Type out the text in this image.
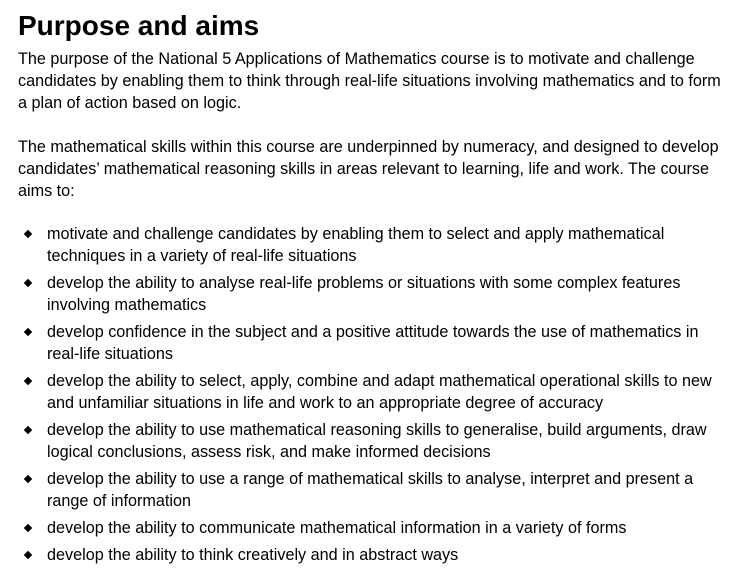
Purpose and aims

The purpose of the National 5 Applications of Mathematics course is to motivate and challenge candidates by enabling them to think through real-life situations involving mathematics and to form a plan of action based on logic.

The mathematical skills within this course are underpinned by numeracy, and designed to develop candidates’ mathematical reasoning skills in areas relevant to learning, life and work. The course aims to:

motivate and challenge candidates by enabling them to select and apply mathematical techniques in a variety of real-life situations
develop the ability to analyse real-life problems or situations with some complex features involving mathematics
develop confidence in the subject and a positive attitude towards the use of mathematics in real-life situations
develop the ability to select, apply, combine and adapt mathematical operational skills to new and unfamiliar situations in life and work to an appropriate degree of accuracy
develop the ability to use mathematical reasoning skills to generalise, build arguments, draw logical conclusions, assess risk, and make informed decisions
develop the ability to use a range of mathematical skills to analyse, interpret and present a range of information
develop the ability to communicate mathematical information in a variety of forms
develop the ability to think creatively and in abstract ways
